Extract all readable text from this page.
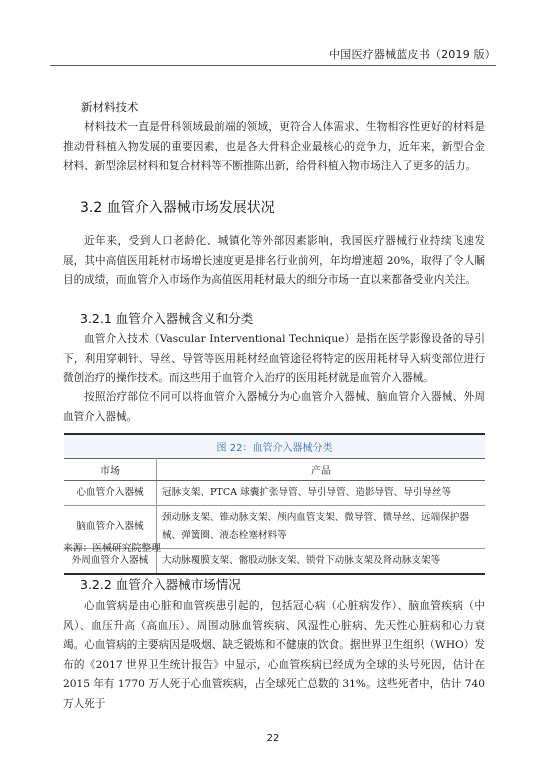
中国医疗器械蓝皮书（2019 版）
新材料技术

材料技术一直是骨科领域最前端的领域，更符合人体需求、生物相容性更好的材料是推动骨科植入物发展的重要因素，也是各大骨科企业最核心的竞争力，近年来，新型合金材料、新型涂层材料和复合材料等不断推陈出新，给骨科植入物市场注入了更多的活力。

3.2 血管介入器械市场发展状况

近年来，受到人口老龄化、城镇化等外部因素影响，我国医疗器械行业持续飞速发展，其中高值医用耗材市场增长速度更是排名行业前列，年均增速超 20%，取得了令人瞩目的成绩，而血管介入市场作为高值医用耗材最大的细分市场一直以来都备受业内关注。

3.2.1 血管介入器械含义和分类

血管介入技术（Vascular Interventional Technique）是指在医学影像设备的导引下，利用穿刺针、导丝、导管等医用耗材经血管途径将特定的医用耗材导入病变部位进行微创治疗的操作技术。而这些用于血管介入治疗的医用耗材就是血管介入器械。

按照治疗部位不同可以将血管介入器械分为心血管介入器械、脑血管介入器械、外周血管介入器械。

图 22：血管介入器械分类
市场	产品
心血管介入器械	冠脉支架、PTCA 球囊扩张导管、导引导管、造影导管、导引导丝等
脑血管介入器械	颈动脉支架、锥动脉支架、颅内血管支架、微导管、微导丝、远端保护器械、弹簧圈、液态栓塞材料等
外周血管介入器械	大动脉覆膜支架、髂股动脉支架、锁骨下动脉支架及肾动脉支架等
来源：医械研究院整理
3.2.2 血管介入器械市场情况

心血管病是由心脏和血管疾患引起的，包括冠心病（心脏病发作）、脑血管疾病（中风）、血压升高（高血压）、周围动脉血管疾病、风湿性心脏病、先天性心脏病和心力衰竭。心血管病的主要病因是吸烟、缺乏锻炼和不健康的饮食。据世界卫生组织（WHO）发布的《2017 世界卫生统计报告》中显示，心血管疾病已经成为全球的头号死因，估计在 2015 年有 1770 万人死于心血管疾病，占全球死亡总数的 31%。这些死者中，估计 740 万人死于

22
